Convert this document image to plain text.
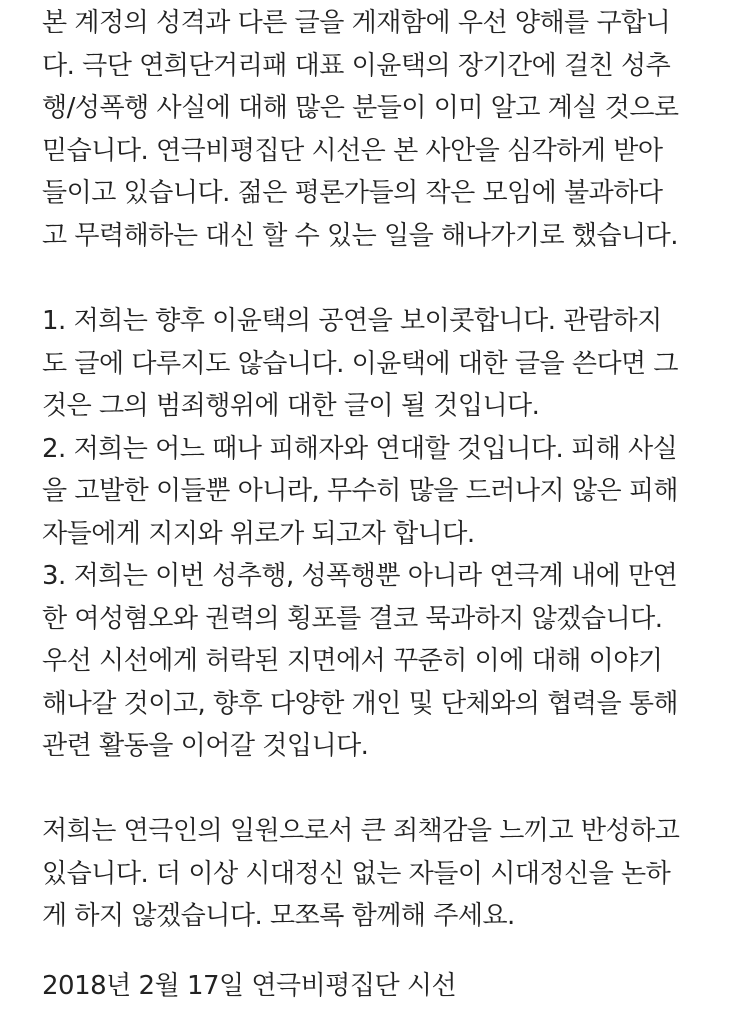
본 계정의 성격과 다른 글을 게재함에 우선 양해를 구합니
다. 극단 연희단거리패 대표 이윤택의 장기간에 걸친 성추
행/성폭행 사실에 대해 많은 분들이 이미 알고 계실 것으로
믿습니다. 연극비평집단 시선은 본 사안을 심각하게 받아
들이고 있습니다. 젊은 평론가들의 작은 모임에 불과하다
고 무력해하는 대신 할 수 있는 일을 해나가기로 했습니다.
1. 저희는 향후 이윤택의 공연을 보이콧합니다. 관람하지
도 글에 다루지도 않습니다. 이윤택에 대한 글을 쓴다면 그
것은 그의 범죄행위에 대한 글이 될 것입니다.
2. 저희는 어느 때나 피해자와 연대할 것입니다. 피해 사실
을 고발한 이들뿐 아니라, 무수히 많을 드러나지 않은 피해
자들에게 지지와 위로가 되고자 합니다.
3. 저희는 이번 성추행, 성폭행뿐 아니라 연극계 내에 만연
한 여성혐오와 권력의 횡포를 결코 묵과하지 않겠습니다.
우선 시선에게 허락된 지면에서 꾸준히 이에 대해 이야기
해나갈 것이고, 향후 다양한 개인 및 단체와의 협력을 통해
관련 활동을 이어갈 것입니다.
저희는 연극인의 일원으로서 큰 죄책감을 느끼고 반성하고
있습니다. 더 이상 시대정신 없는 자들이 시대정신을 논하
게 하지 않겠습니다. 모쪼록 함께해 주세요.
2018년 2월 17일 연극비평집단 시선
